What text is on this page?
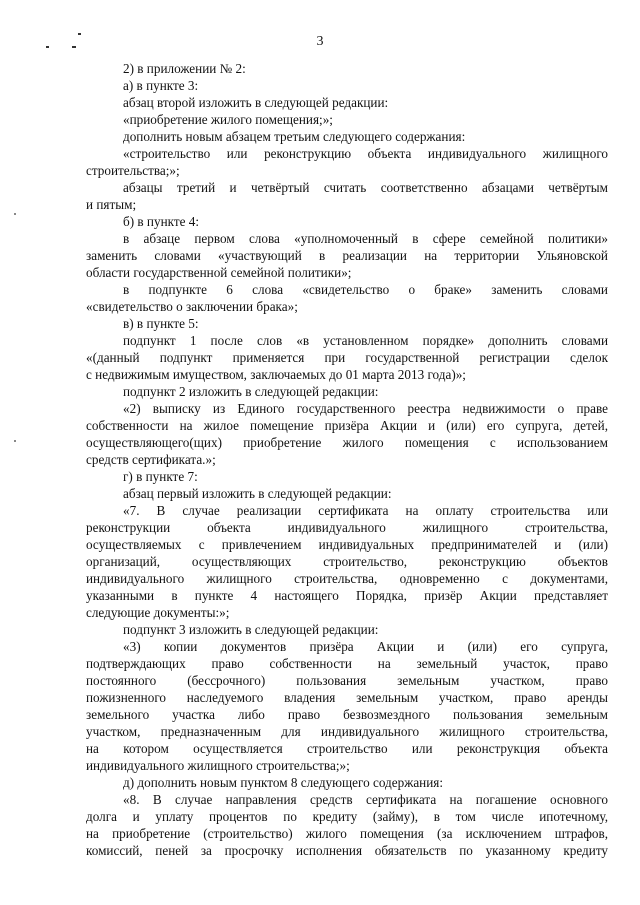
3
2) в приложении № 2:
а) в пункте 3:
абзац второй изложить в следующей редакции:
«приобретение жилого помещения;»;
дополнить новым абзацем третьим следующего содержания:
«строительство или реконструкцию объекта индивидуального жилищного
строительства;»;
абзацы третий и четвёртый считать соответственно абзацами четвёртым
и пятым;
б) в пункте 4:
в абзаце первом слова «уполномоченный в сфере семейной политики»
заменить словами «участвующий в реализации на территории Ульяновской
области государственной семейной политики»;
в подпункте 6 слова «свидетельство о браке» заменить словами
«свидетельство о заключении брака»;
в) в пункте 5:
подпункт 1 после слов «в установленном порядке» дополнить словами
«(данный подпункт применяется при государственной регистрации сделок
с недвижимым имуществом, заключаемых до 01 марта 2013 года)»;
подпункт 2 изложить в следующей редакции:
«2) выписку из Единого государственного реестра недвижимости о праве
собственности на жилое помещение призёра Акции и (или) его супруга, детей,
осуществляющего(щих) приобретение жилого помещения с использованием
средств сертификата.»;
г) в пункте 7:
абзац первый изложить в следующей редакции:
«7. В случае реализации сертификата на оплату строительства или
реконструкции объекта индивидуального жилищного строительства,
осуществляемых с привлечением индивидуальных предпринимателей и (или)
организаций, осуществляющих строительство, реконструкцию объектов
индивидуального жилищного строительства, одновременно с документами,
указанными в пункте 4 настоящего Порядка, призёр Акции представляет
следующие документы:»;
подпункт 3 изложить в следующей редакции:
«3) копии документов призёра Акции и (или) его супруга,
подтверждающих право собственности на земельный участок, право
постоянного (бессрочного) пользования земельным участком, право
пожизненного наследуемого владения земельным участком, право аренды
земельного участка либо право безвозмездного пользования земельным
участком, предназначенным для индивидуального жилищного строительства,
на котором осуществляется строительство или реконструкция объекта
индивидуального жилищного строительства;»;
д) дополнить новым пунктом 8 следующего содержания:
«8. В случае направления средств сертификата на погашение основного
долга и уплату процентов по кредиту (займу), в том числе ипотечному,
на приобретение (строительство) жилого помещения (за исключением штрафов,
комиссий, пеней за просрочку исполнения обязательств по указанному кредиту
